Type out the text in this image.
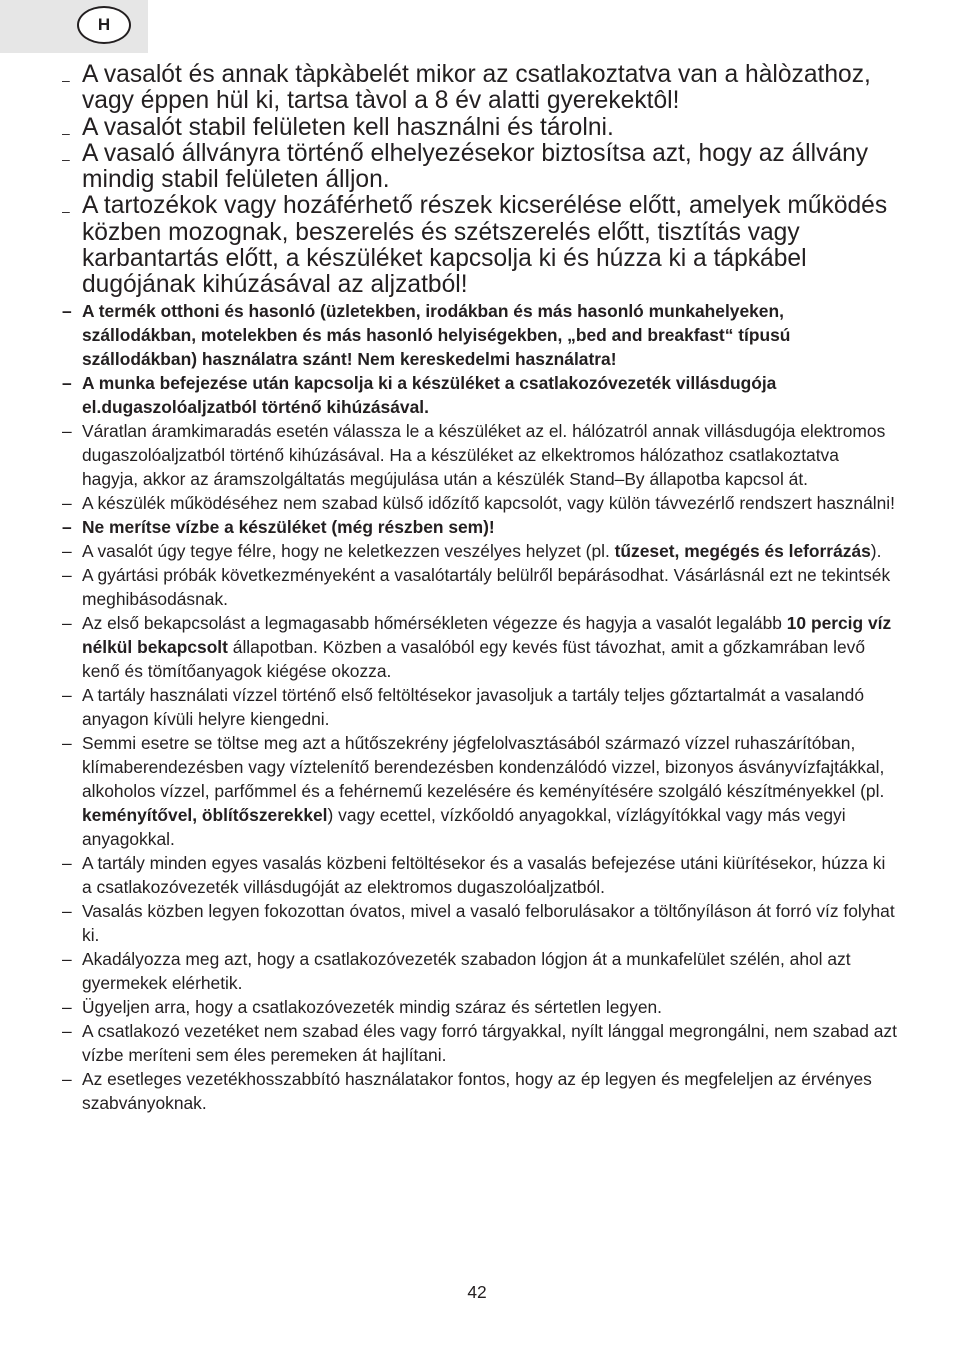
H
– A vasalót és annak tàpkàbelét mikor az csatlakoztatva van a hàlòzathoz, vagy éppen hül ki, tartsa tàvol a 8 év alatti gyerekektôl!
– A vasalót stabil felületen kell használni és tárolni.
– A vasaló állványra történő elhelyezésekor biztosítsa azt, hogy az állvány mindig stabil felületen álljon.
– A tartozékok vagy hozáférhető részek kicserélése előtt, amelyek működés közben mozognak, beszerelés és szétszerelés előtt, tisztítás vagy karbantartás előtt, a készüléket kapcsolja ki és húzza ki a tápkábel dugójának kihúzásával az aljzatból!
– A termék otthoni és hasonló (üzletekben, irodákban és más hasonló munkahelyeken, szállodákban, motelekben és más hasonló helyiségekben, „bed and breakfast“ típusú szállodákban) használatra szánt! Nem kereskedelmi használatra!
– A munka befejezése után kapcsolja ki a készüléket a csatlakozóvezeték villásdugója el.dugaszolóaljzatból történő kihúzásával.
– Váratlan áramkimaradás esetén válassza le a készüléket az el. hálózatról annak villásdugója elektromos dugaszolóaljzatból történő kihúzásával. Ha a készüléket az elkektromos hálózathoz csatlakoztatva hagyja, akkor az áramszolgáltatás megújulása után a készülék Stand–By állapotba kapcsol át.
– A készülék működéséhez nem szabad külső időzítő kapcsolót, vagy külön távvezérlő rendszert használni!
– Ne merítse vízbe a készüléket (még részben sem)!
– A vasalót úgy tegye félre, hogy ne keletkezzen veszélyes helyzet (pl. tűzeset, megégés és leforrázás).
– A gyártási próbák következményeként a vasalótartály belülről bepárásodhat. Vásárlásnál ezt ne tekintsék meghibásodásnak.
– Az első bekapcsolást a legmagasabb hőmérsékleten végezze és hagyja a vasalót legalább 10 percig víz nélkül bekapcsolt állapotban. Közben a vasalóból egy kevés füst távozhat, amit a gőzkamrában levő kenő és tömítőanyagok kiégése okozza.
– A tartály használati vízzel történő első feltöltésekor javasoljuk a tartály teljes gőztartalmát a vasalandó anyagon kívüli helyre kiengedni.
– Semmi esetre se töltse meg azt a hűtőszekrény jégfelolvasztásából származó vízzel ruhaszárítóban, klímaberendezésben vagy víztelenítő berendezésben kondenzálódó vizzel, bizonyos ásványvízfajtákkal, alkoholos vízzel, parfőmmel és a fehérnemű kezelésére és keményítésére szolgáló készítményekkel (pl. keményítővel, öblítőszerekkel) vagy ecettel, vízkőoldó anyagokkal, vízlágyítókkal vagy más vegyi anyagokkal.
– A tartály minden egyes vasalás közbeni feltöltésekor és a vasalás befejezése utáni kiürítésekor, húzza ki a csatlakozóvezeték villásdugóját az elektromos dugaszolóaljzatból.
– Vasalás közben legyen fokozottan óvatos, mivel a vasaló felborulásakor a töltőnyíláson át forró víz folyhat ki.
– Akadályozza meg azt, hogy a csatlakozóvezeték szabadon lógjon át a munkafelület szélén, ahol azt gyermekek elérhetik.
– Ügyeljen arra, hogy a csatlakozóvezeték mindig száraz és sértetlen legyen.
– A csatlakozó vezetéket nem szabad éles vagy forró tárgyakkal, nyílt lánggal megrongálni, nem szabad azt vízbe meríteni sem éles peremeken át hajlítani.
– Az esetleges vezetékhosszabbító használatakor fontos, hogy az ép legyen és megfeleljen az érvényes szabványoknak.
42
